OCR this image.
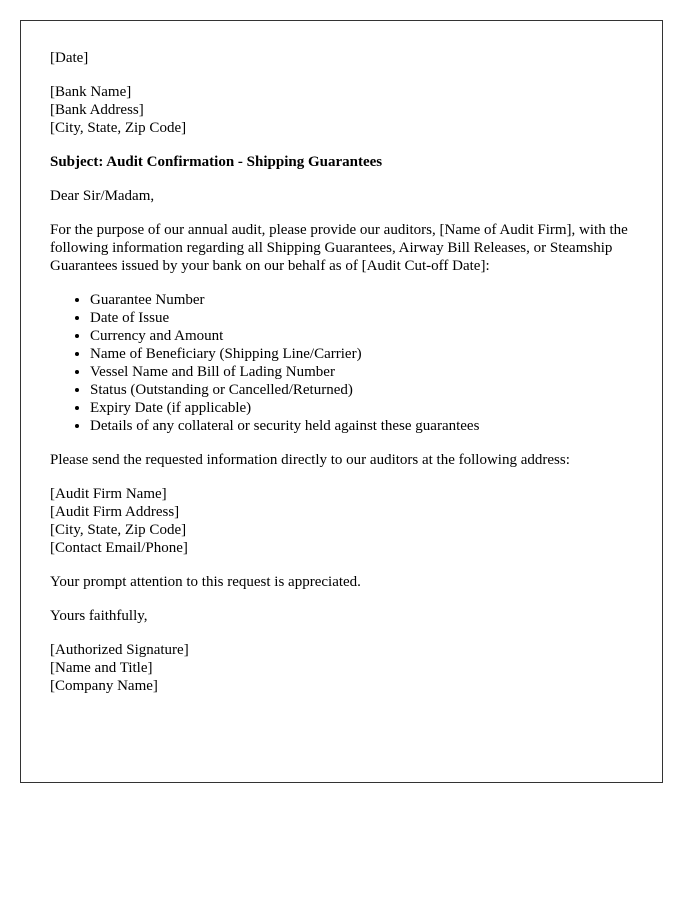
[Date]

[Bank Name]
[Bank Address]
[City, State, Zip Code]

Subject: Audit Confirmation - Shipping Guarantees

Dear Sir/Madam,

For the purpose of our annual audit, please provide our auditors, [Name of Audit Firm], with the following information regarding all Shipping Guarantees, Airway Bill Releases, or Steamship Guarantees issued by your bank on our behalf as of [Audit Cut-off Date]:

• Guarantee Number
• Date of Issue
• Currency and Amount
• Name of Beneficiary (Shipping Line/Carrier)
• Vessel Name and Bill of Lading Number
• Status (Outstanding or Cancelled/Returned)
• Expiry Date (if applicable)
• Details of any collateral or security held against these guarantees

Please send the requested information directly to our auditors at the following address:

[Audit Firm Name]
[Audit Firm Address]
[City, State, Zip Code]
[Contact Email/Phone]

Your prompt attention to this request is appreciated.

Yours faithfully,

[Authorized Signature]
[Name and Title]
[Company Name]
